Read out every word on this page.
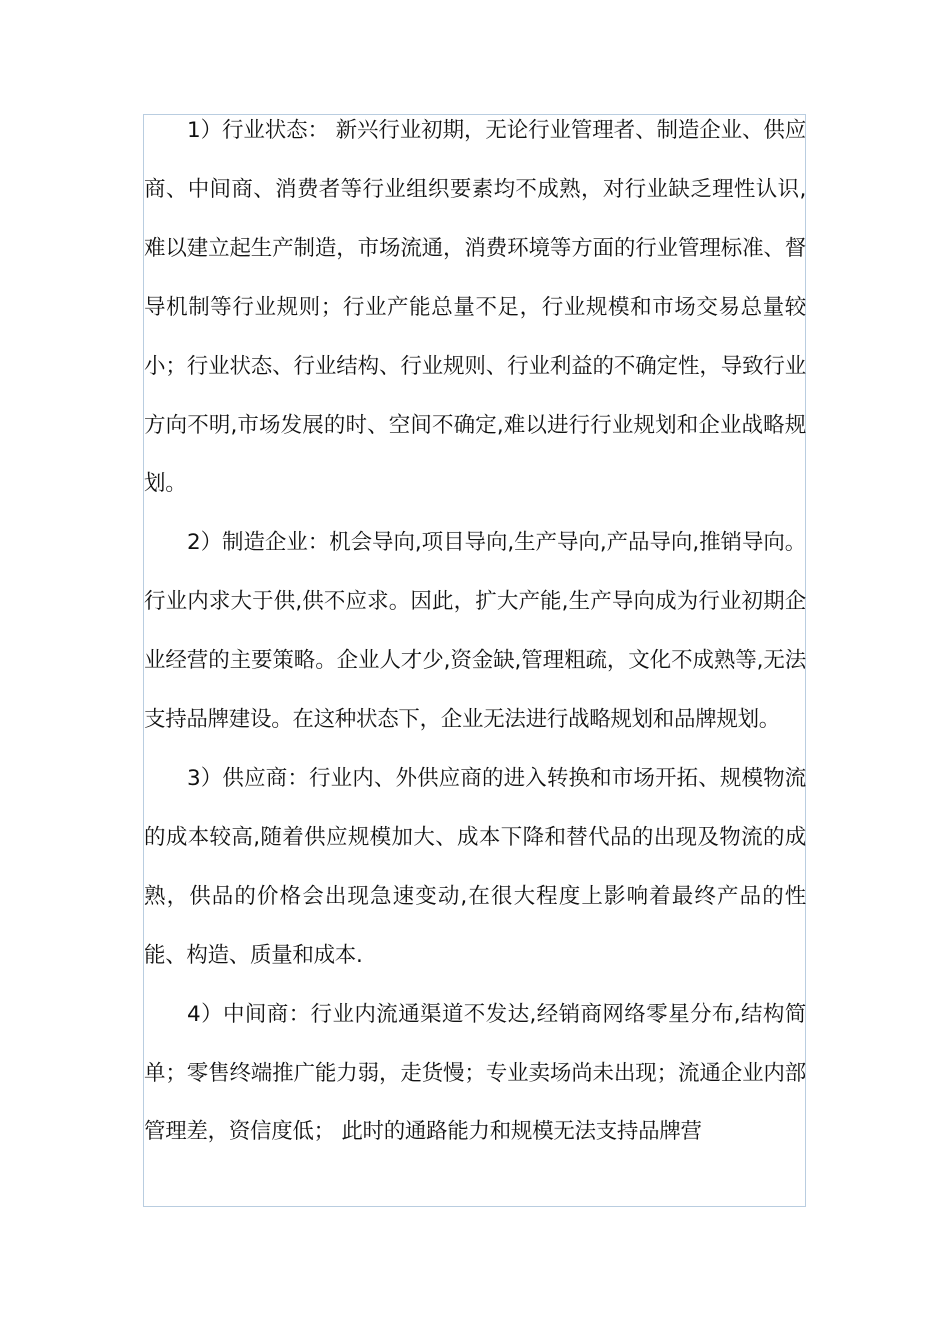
1）行业状态： 新兴行业初期，无论行业管理者、制造企业、供应商、中间商、消费者等行业组织要素均不成熟，对行业缺乏理性认识,难以建立起生产制造，市场流通，消费环境等方面的行业管理标准、督导机制等行业规则；行业产能总量不足，行业规模和市场交易总量较小；行业状态、行业结构、行业规则、行业利益的不确定性，导致行业方向不明,市场发展的时、空间不确定,难以进行行业规划和企业战略规划。

2）制造企业：机会导向,项目导向,生产导向,产品导向,推销导向。行业内求大于供,供不应求。因此，扩大产能,生产导向成为行业初期企业经营的主要策略。企业人才少,资金缺,管理粗疏，文化不成熟等,无法支持品牌建设。在这种状态下，企业无法进行战略规划和品牌规划。

3）供应商：行业内、外供应商的进入转换和市场开拓、规模物流的成本较高,随着供应规模加大、成本下降和替代品的出现及物流的成熟，供品的价格会出现急速变动,在很大程度上影响着最终产品的性能、构造、质量和成本.

4）中间商：行业内流通渠道不发达,经销商网络零星分布,结构简单；零售终端推广能力弱，走货慢；专业卖场尚未出现；流通企业内部管理差，资信度低； 此时的通路能力和规模无法支持品牌营
